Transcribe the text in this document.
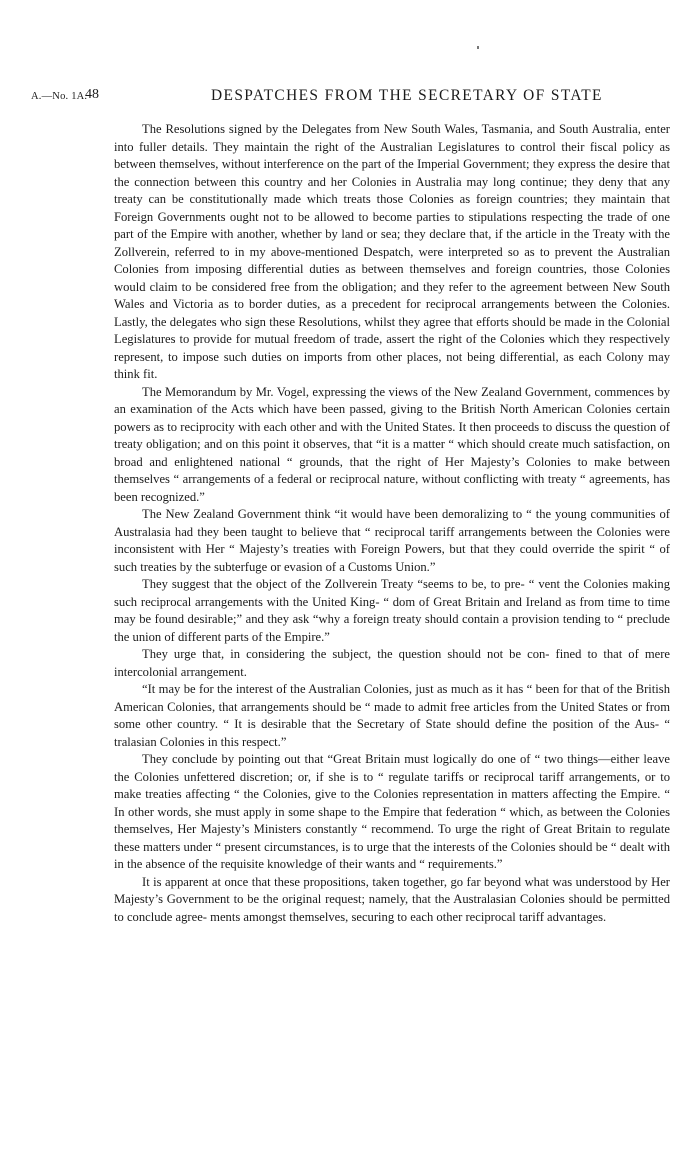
A.—No. 1A.
48	DESPATCHES FROM THE SECRETARY OF STATE

The Resolutions signed by the Delegates from New South Wales, Tasmania, and South Australia, enter into fuller details. They maintain the right of the Australian Legislatures to control their fiscal policy as between themselves, without interference on the part of the Imperial Government; they express the desire that the connection between this country and her Colonies in Australia may long continue; they deny that any treaty can be constitutionally made which treats those Colonies as foreign countries; they maintain that Foreign Governments ought not to be allowed to become parties to stipulations respecting the trade of one part of the Empire with another, whether by land or sea; they declare that, if the article in the Treaty with the Zollverein, referred to in my above-mentioned Despatch, were interpreted so as to prevent the Australian Colonies from imposing differential duties as between themselves and foreign countries, those Colonies would claim to be considered free from the obligation; and they refer to the agreement between New South Wales and Victoria as to border duties, as a precedent for reciprocal arrangements between the Colonies. Lastly, the delegates who sign these Resolutions, whilst they agree that efforts should be made in the Colonial Legislatures to provide for mutual freedom of trade, assert the right of the Colonies which they respectively represent, to impose such duties on imports from other places, not being differential, as each Colony may think fit.

The Memorandum by Mr. Vogel, expressing the views of the New Zealand Government, commences by an examination of the Acts which have been passed, giving to the British North American Colonies certain powers as to reciprocity with each other and with the United States. It then proceeds to discuss the question of treaty obligation; and on this point it observes, that “it is a matter “ which should create much satisfaction, on broad and enlightened national “ grounds, that the right of Her Majesty’s Colonies to make between themselves “ arrangements of a federal or reciprocal nature, without conflicting with treaty “ agreements, has been recognized.”

The New Zealand Government think “it would have been demoralizing to “ the young communities of Australasia had they been taught to believe that “ reciprocal tariff arrangements between the Colonies were inconsistent with Her “ Majesty’s treaties with Foreign Powers, but that they could override the spirit “ of such treaties by the subterfuge or evasion of a Customs Union.”

They suggest that the object of the Zollverein Treaty “seems to be, to pre- “ vent the Colonies making such reciprocal arrangements with the United King- “ dom of Great Britain and Ireland as from time to time may be found desirable;” and they ask “why a foreign treaty should contain a provision tending to “ preclude the union of different parts of the Empire.”

They urge that, in considering the subject, the question should not be con- fined to that of mere intercolonial arrangement.

“It may be for the interest of the Australian Colonies, just as much as it has “ been for that of the British American Colonies, that arrangements should be “ made to admit free articles from the United States or from some other country. “ It is desirable that the Secretary of State should define the position of the Aus- “ tralasian Colonies in this respect.”

They conclude by pointing out that “Great Britain must logically do one of “ two things—either leave the Colonies unfettered discretion; or, if she is to “ regulate tariffs or reciprocal tariff arrangements, or to make treaties affecting “ the Colonies, give to the Colonies representation in matters affecting the Empire. “ In other words, she must apply in some shape to the Empire that federation “ which, as between the Colonies themselves, Her Majesty’s Ministers constantly “ recommend. To urge the right of Great Britain to regulate these matters under “ present circumstances, is to urge that the interests of the Colonies should be “ dealt with in the absence of the requisite knowledge of their wants and “ requirements.”

It is apparent at once that these propositions, taken together, go far beyond what was understood by Her Majesty’s Government to be the original request; namely, that the Australasian Colonies should be permitted to conclude agree- ments amongst themselves, securing to each other reciprocal tariff advantages.
